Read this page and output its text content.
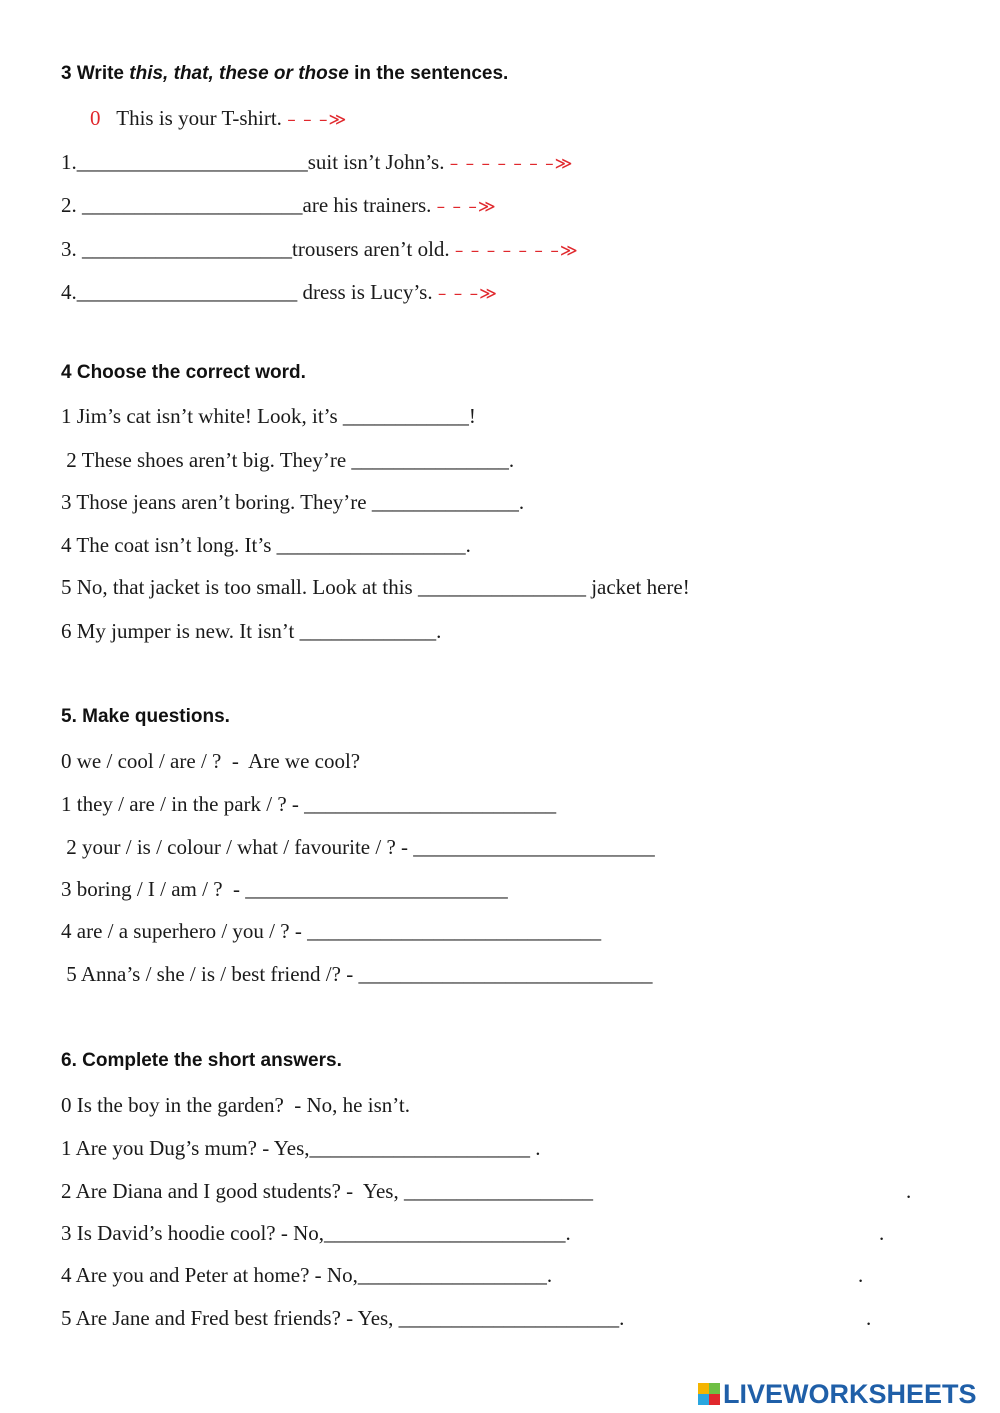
3 Write this, that, these or those in the sentences.
0 This is your T-shirt. – – –≫
1.______________________suit isn’t John’s. – – – – – – –≫
2. _____________________are his trainers. – – –≫
3. ____________________trousers aren’t old. – – – – – – –≫
4._____________________ dress is Lucy’s. – – –≫
4 Choose the correct word.
1 Jim’s cat isn’t white! Look, it’s ____________!
2 These shoes aren’t big. They’re _______________.
3 Those jeans aren’t boring. They’re ______________.
4 The coat isn’t long. It’s __________________.
5 No, that jacket is too small. Look at this ________________ jacket here!
6 My jumper is new. It isn’t _____________.
5. Make questions.
0 we / cool / are / ?  -  Are we cool?
1 they / are / in the park / ? - ________________________
2 your / is / colour / what / favourite / ? - _______________________
3 boring / I / am / ?  - _________________________
4 are / a superhero / you / ? - ____________________________
5 Anna’s / she / is / best friend /? - ____________________________
6. Complete the short answers.
0 Is the boy in the garden?  - No, he isn’t.
1 Are you Dug’s mum? - Yes,_____________________ .
2 Are Diana and I good students? -  Yes, __________________	.
3 Is David’s hoodie cool? - No,_______________________.	.
4 Are you and Peter at home? - No,__________________.	.
5 Are Jane and Fred best friends? - Yes, _____________________.	.
LIVEWORKSHEETS
